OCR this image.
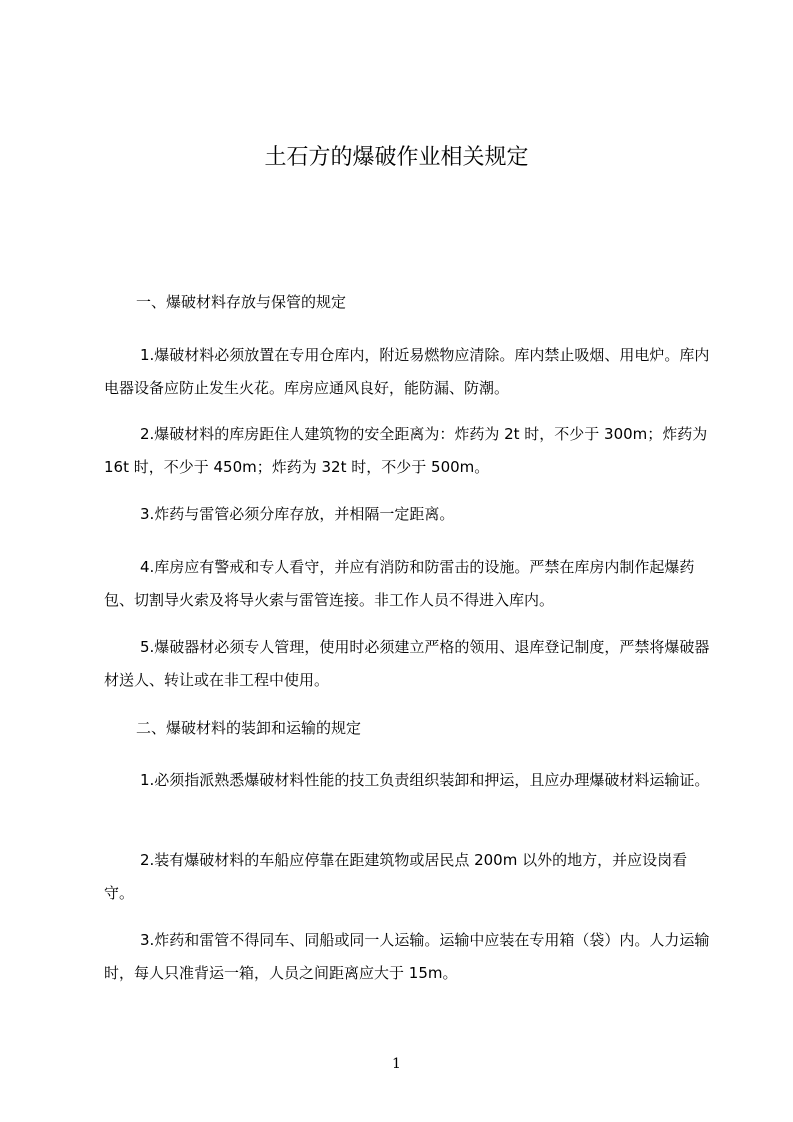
土石方的爆破作业相关规定
一、爆破材料存放与保管的规定

1.爆破材料必须放置在专用仓库内，附近易燃物应清除。库内禁止吸烟、用电炉。库内电器设备应防止发生火花。库房应通风良好，能防漏、防潮。

2.爆破材料的库房距住人建筑物的安全距离为：炸药为 2t 时，不少于 300m；炸药为 16t 时，不少于 450m；炸药为 32t 时，不少于 500m。

3.炸药与雷管必须分库存放，并相隔一定距离。

4.库房应有警戒和专人看守，并应有消防和防雷击的设施。严禁在库房内制作起爆药包、切割导火索及将导火索与雷管连接。非工作人员不得进入库内。

5.爆破器材必须专人管理，使用时必须建立严格的领用、退库登记制度，严禁将爆破器材送人、转让或在非工程中使用。

二、爆破材料的装卸和运输的规定

1.必须指派熟悉爆破材料性能的技工负责组织装卸和押运，且应办理爆破材料运输证。

2.装有爆破材料的车船应停靠在距建筑物或居民点 200m 以外的地方，并应设岗看守。

3.炸药和雷管不得同车、同船或同一人运输。运输中应装在专用箱（袋）内。人力运输时，每人只准背运一箱，人员之间距离应大于 15m。

1
